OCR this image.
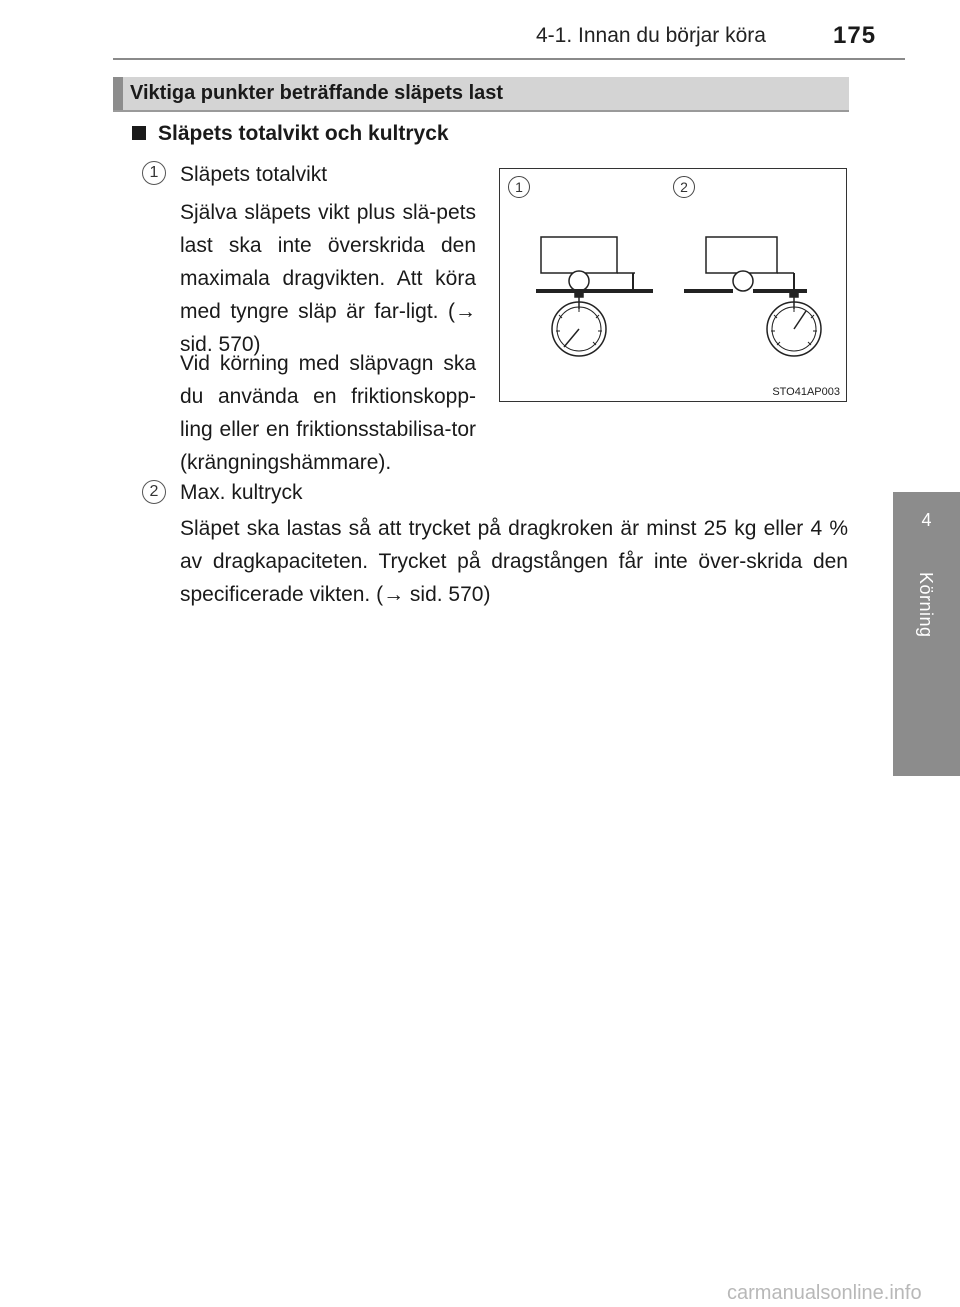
4-1. Innan du börjar köra	175
4
Körning
Viktiga punkter beträffande släpets last
Släpets totalvikt och kultryck
1	Släpets totalvikt

Själva släpets vikt plus slä-pets last ska inte överskrida den maximala dragvikten. Att köra med tyngre släp är far-ligt. (→ sid. 570)

Vid körning med släpvagn ska du använda en friktionskopp-ling eller en friktionsstabilisa-tor (krängningshämmare).

1	2
STO41AP003
2	Max. kultryck

Släpet ska lastas så att trycket på dragkroken är minst 25 kg eller 4 % av dragkapaciteten. Trycket på dragstången får inte över-skrida den specificerade vikten. (→ sid. 570)

carmanualsonline.info
